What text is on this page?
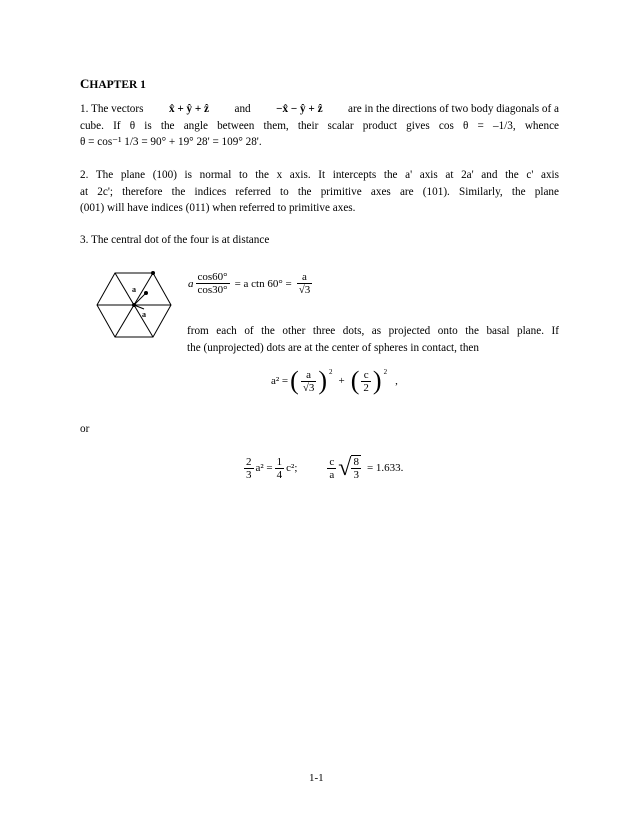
CHAPTER 1
1. The vectors x̂ + ŷ + ẑ and −x̂ − ŷ + ẑ are in the directions of two body diagonals of a
cube. If θ is the angle between them, their scalar product gives cos θ = –1/3, whence
θ = cos⁻¹ 1/3 = 90° + 19° 28' = 109° 28'.
2. The plane (100) is normal to the x axis. It intercepts the a' axis at 2a' and the c' axis
at 2c'; therefore the indices referred to the primitive axes are (101). Similarly, the plane
(001) will have indices (011) when referred to primitive axes.
3. The central dot of the four is at distance
a
a
a $\frac{\cos 60^\circ}{\cos 30^\circ} = a$ ctn $60^\circ = \frac{a}{√3}$
from each of the other three dots, as projected onto the basal plane. If
the (unprojected) dots are at the center of spheres in contact, then
a² = ( $\frac{a}{√3}$ ) 2
+ ( $\frac{c}{2}$ ) 2
,
or
$\frac{2}{3} a^2 = \frac{1}{4} c^2$;	$\frac{c}{a}$ √ $\frac{8}{3} = 1.633$.
1-1
